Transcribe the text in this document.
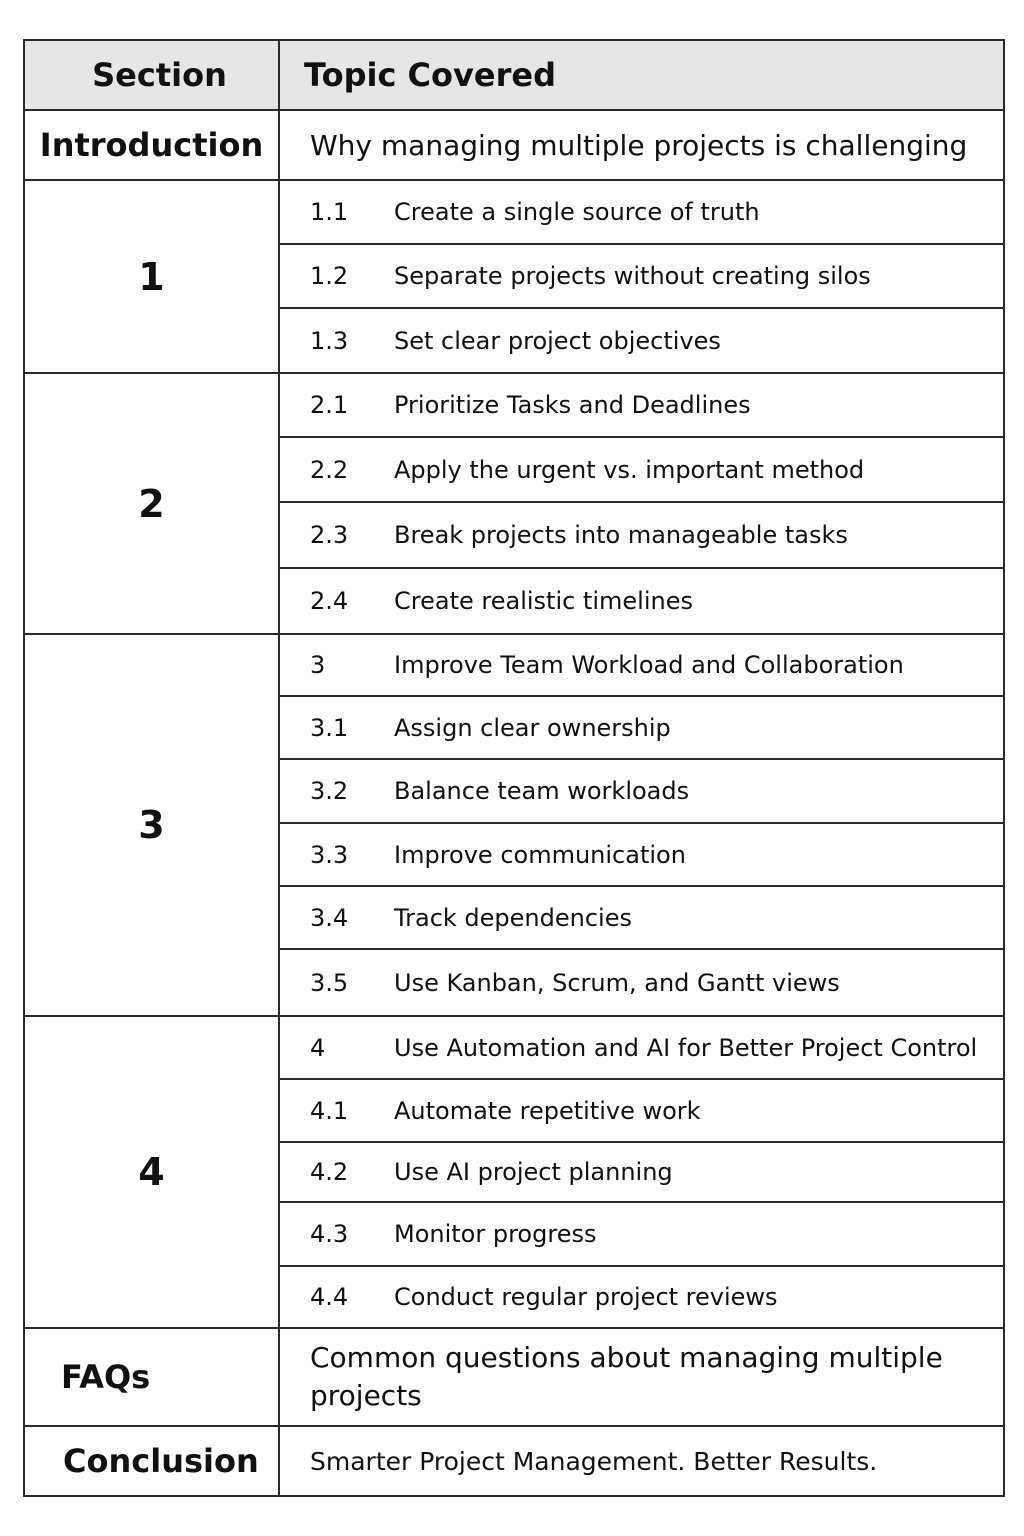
Section	Topic Covered
Introduction	Why managing multiple projects is challenging
1	1.1 Create a single source of truth
	1.2 Separate projects without creating silos
	1.3 Set clear project objectives
2	2.1 Prioritize Tasks and Deadlines
	2.2 Apply the urgent vs. important method
	2.3 Break projects into manageable tasks
	2.4 Create realistic timelines
3	3 Improve Team Workload and Collaboration
	3.1 Assign clear ownership
	3.2 Balance team workloads
	3.3 Improve communication
	3.4 Track dependencies
	3.5 Use Kanban, Scrum, and Gantt views
4	4 Use Automation and AI for Better Project Control
	4.1 Automate repetitive work
	4.2 Use AI project planning
	4.3 Monitor progress
	4.4 Conduct regular project reviews
FAQs	Common questions about managing multiple projects
Conclusion	Smarter Project Management. Better Results.
